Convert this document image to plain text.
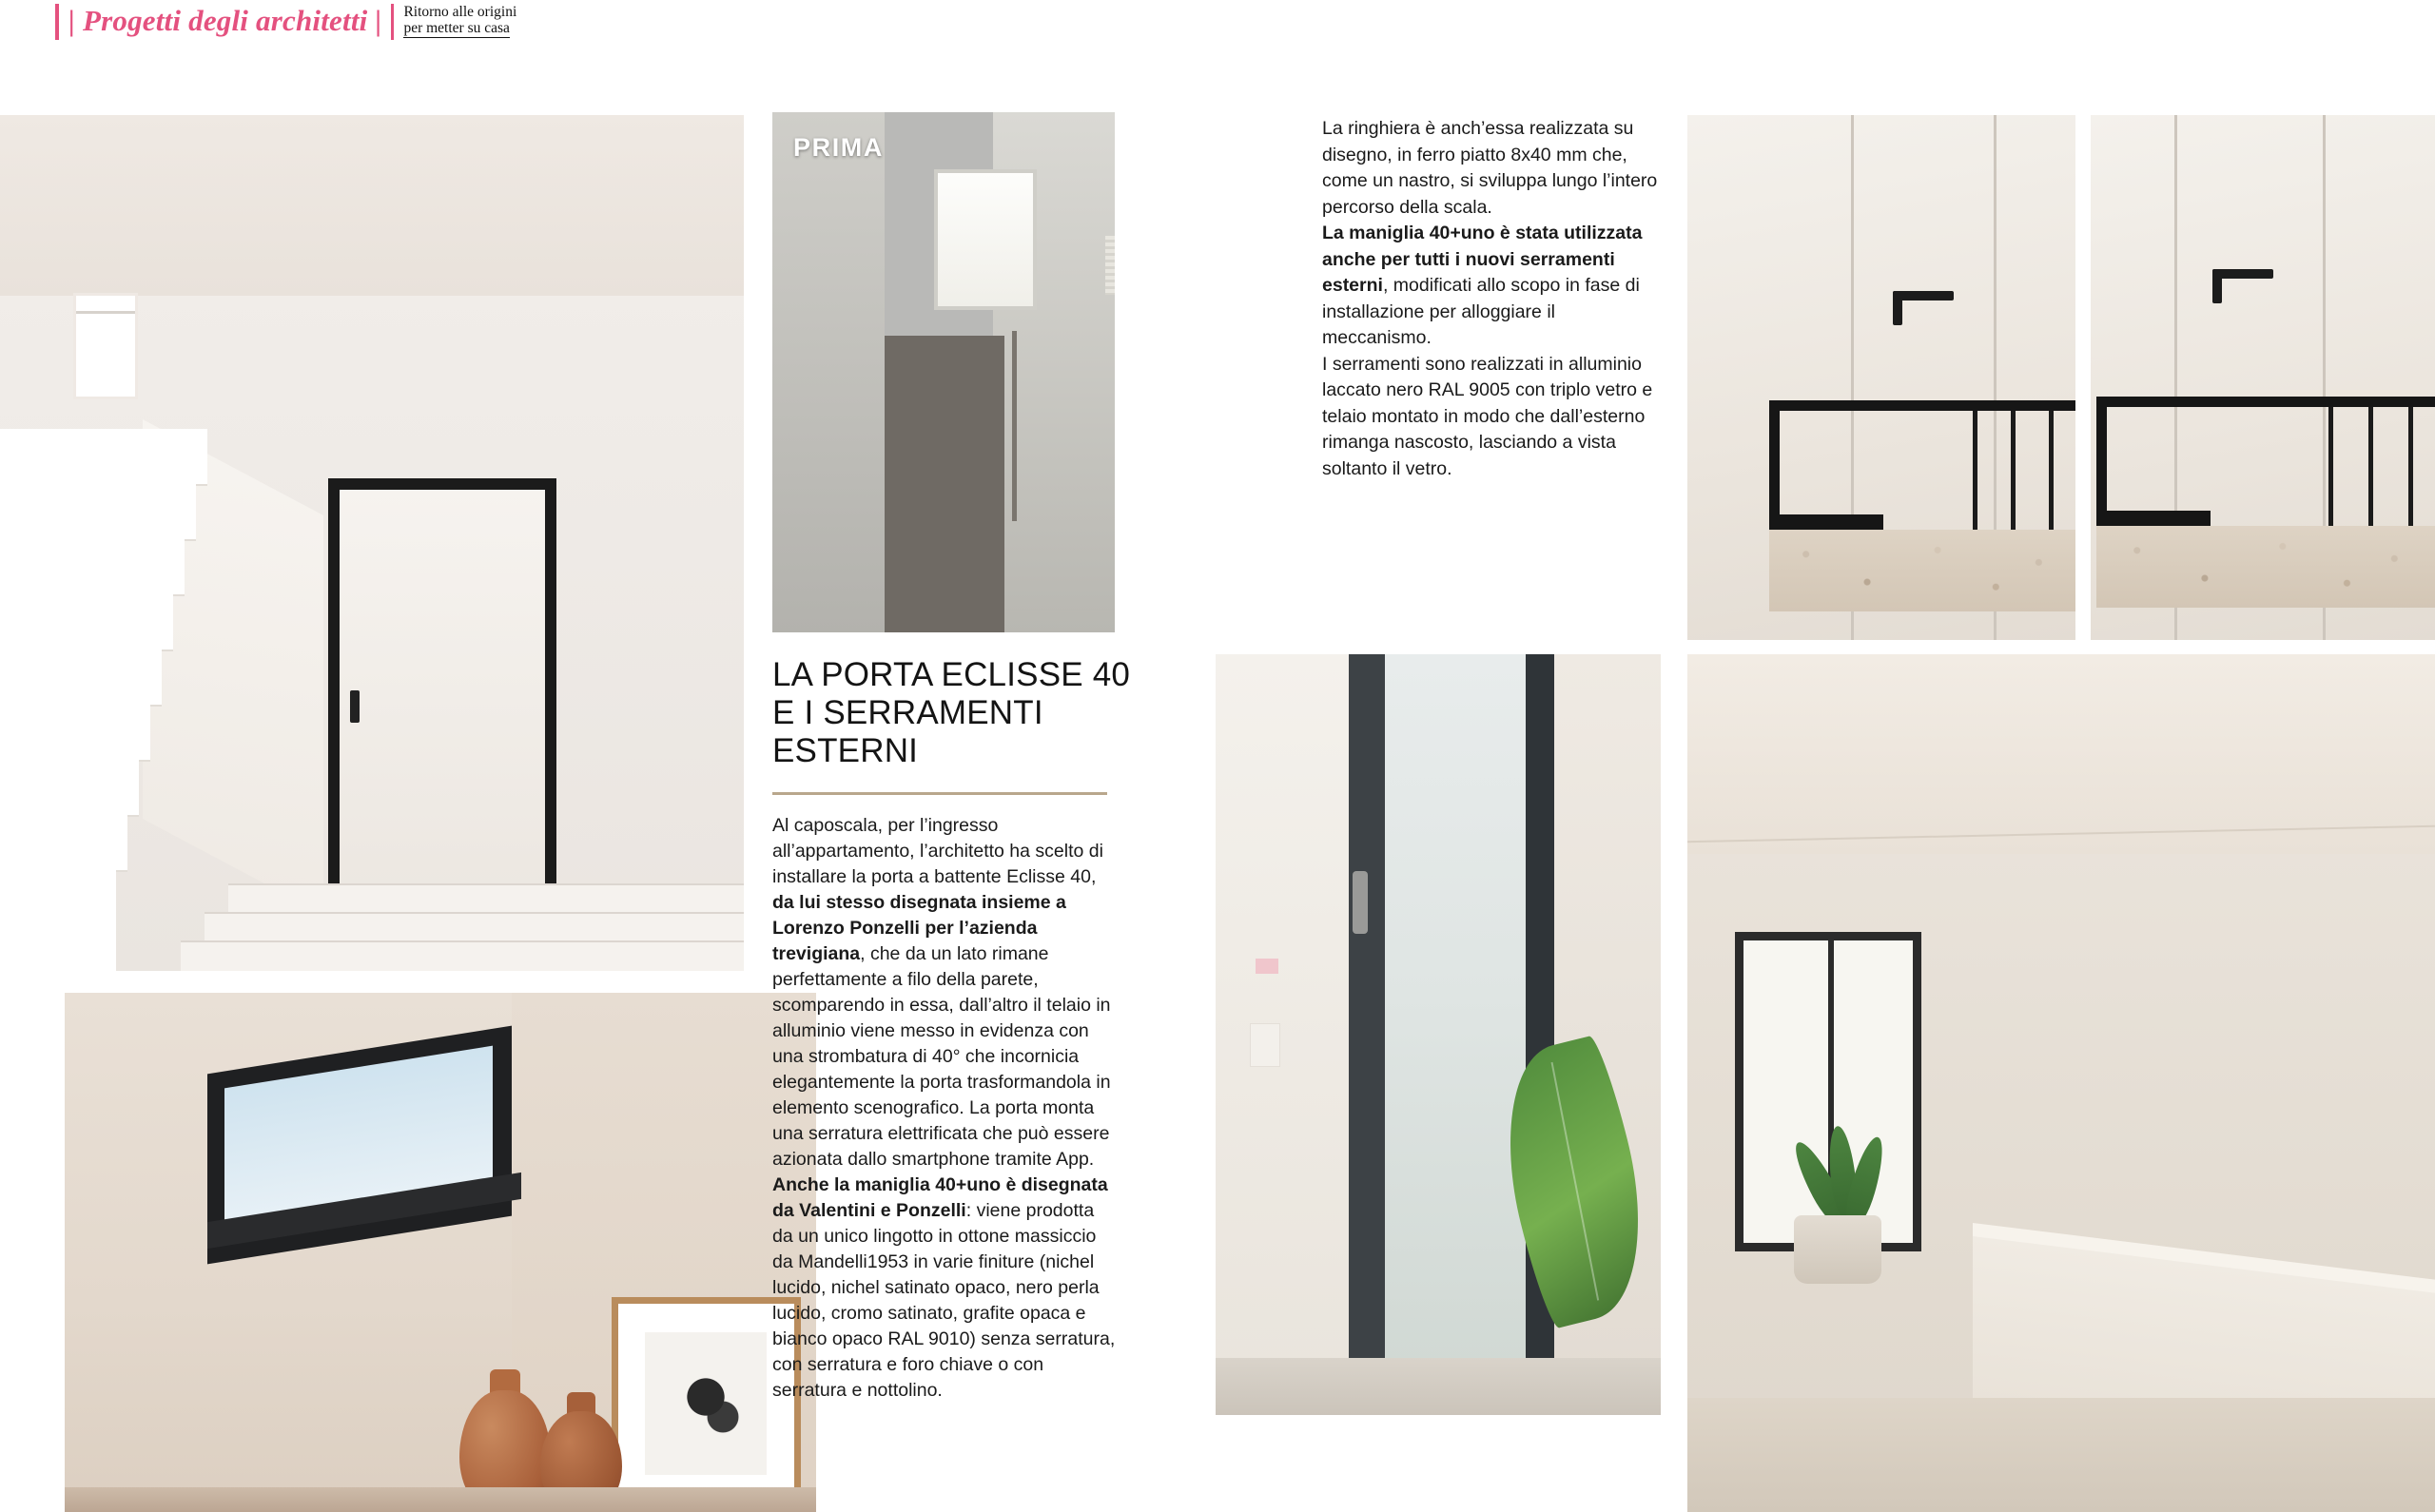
| Progetti degli architetti | Ritorno alle origini
per metter su casa
PRIMA

La ringhiera è anch’essa realizzata su disegno, in ferro piatto 8x40 mm che, come un nastro, si sviluppa lungo l’intero percorso della scala.

La maniglia 40+uno è stata utilizzata anche per tutti i nuovi serramenti esterni, modificati allo scopo in fase di installazione per alloggiare il meccanismo.

I serramenti sono realizzati in alluminio laccato nero RAL 9005 con triplo vetro e telaio montato in modo che dall’esterno rimanga nascosto, lasciando a vista soltanto il vetro.

LA PORTA ECLISSE 40
E I SERRAMENTI
ESTERNI

Al caposcala, per l’ingresso all’appartamento, l’architetto ha scelto di installare la porta a battente Eclisse 40, da lui stesso disegnata insieme a Lorenzo Ponzelli per l’azienda trevigiana, che da un lato rimane perfettamente a filo della parete, scomparendo in essa, dall’altro il telaio in alluminio viene messo in evidenza con una strombatura di 40° che incornicia elegantemente la porta trasformandola in elemento scenografico. La porta monta una serratura elettrificata che può essere azionata dallo smartphone tramite App.

Anche la maniglia 40+uno è disegnata da Valentini e Ponzelli: viene prodotta da un unico lingotto in ottone massiccio da Mandelli1953 in varie finiture (nichel lucido, nichel satinato opaco, nero perla lucido, cromo satinato, grafite opaca e bianco opaco RAL 9010) senza serratura, con serratura e foro chiave o con serratura e nottolino.
